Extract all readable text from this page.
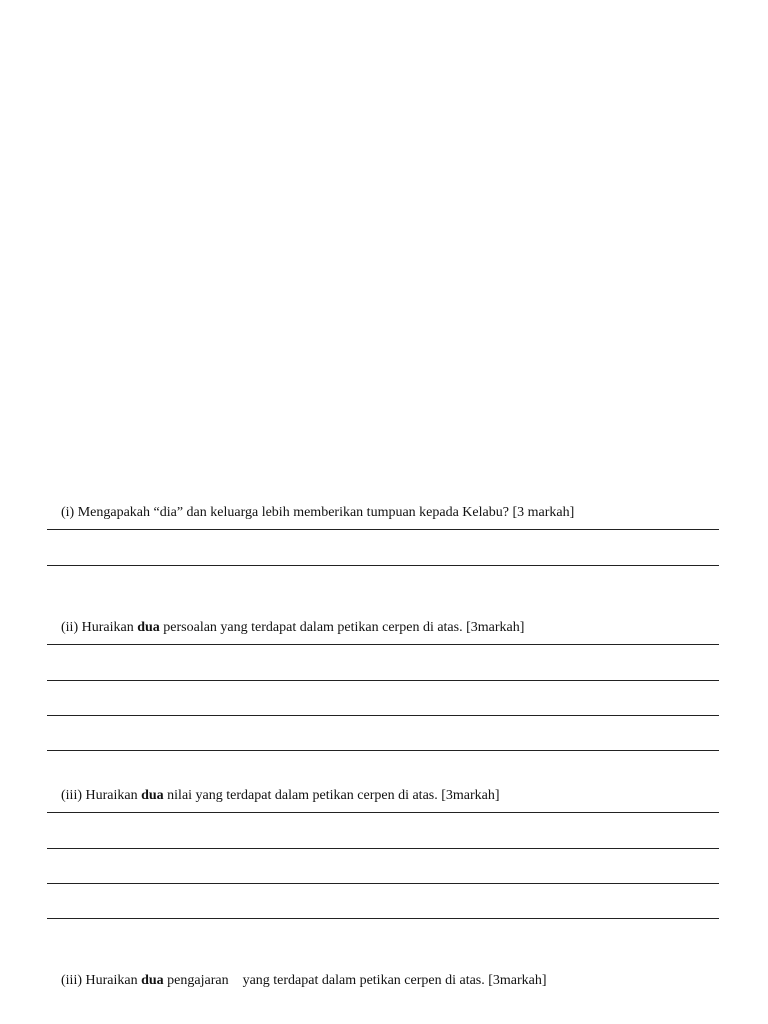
(i) Mengapakah “dia” dan keluarga lebih memberikan tumpuan kepada Kelabu? [3 markah]

(ii) Huraikan dua persoalan yang terdapat dalam petikan cerpen di atas. [3markah]

(iii) Huraikan dua nilai yang terdapat dalam petikan cerpen di atas. [3markah]

(iii) Huraikan dua pengajaran    yang terdapat dalam petikan cerpen di atas. [3markah]
